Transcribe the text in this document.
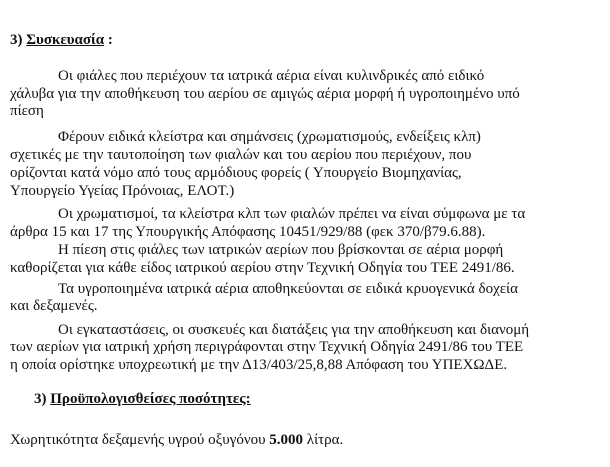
3) Συσκευασία :
Οι φιάλες που περιέχουν τα ιατρικά αέρια είναι κυλινδρικές από ειδικό
χάλυβα για την αποθήκευση του αερίου σε αμιγώς αέρια μορφή ή υγροποιημένο υπό
πίεση
Φέρουν ειδικά κλείστρα και σημάνσεις (χρωματισμούς, ενδείξεις κλπ)
σχετικές με την ταυτοποίηση των φιαλών και του αερίου που περιέχουν, που
ορίζονται κατά νόμο από τους αρμόδιους φορείς ( Υπουργείο Βιομηχανίας,
Υπουργείο Υγείας Πρόνοιας, ΕΛΟΤ.)
Οι χρωματισμοί, τα κλείστρα κλπ των φιαλών πρέπει να είναι σύμφωνα με τα
άρθρα 15 και 17 της Υπουργικής Απόφασης 10451/929/88 (φεκ 370/β79.6.88).
Η πίεση στις φιάλες των ιατρικών αερίων που βρίσκονται σε αέρια μορφή
καθορίζεται για κάθε είδος ιατρικού αερίου στην Τεχνική Οδηγία του ΤΕΕ 2491/86.
Τα υγροποιημένα ιατρικά αέρια αποθηκεύονται σε ειδικά κρυογενικά δοχεία
και δεξαμενές.
Οι εγκαταστάσεις, οι συσκευές και διατάξεις για την αποθήκευση και διανομή
των αερίων για ιατρική χρήση περιγράφονται στην Τεχνική Οδηγία 2491/86 του ΤΕΕ
η οποία ορίστηκε υποχρεωτική με την Δ13/403/25,8,88 Απόφαση του ΥΠΕΧΩΔΕ.
3) Προϋπολογισθείσες ποσότητες:
Χωρητικότητα δεξαμενής υγρού οξυγόνου 5.000 λίτρα.
